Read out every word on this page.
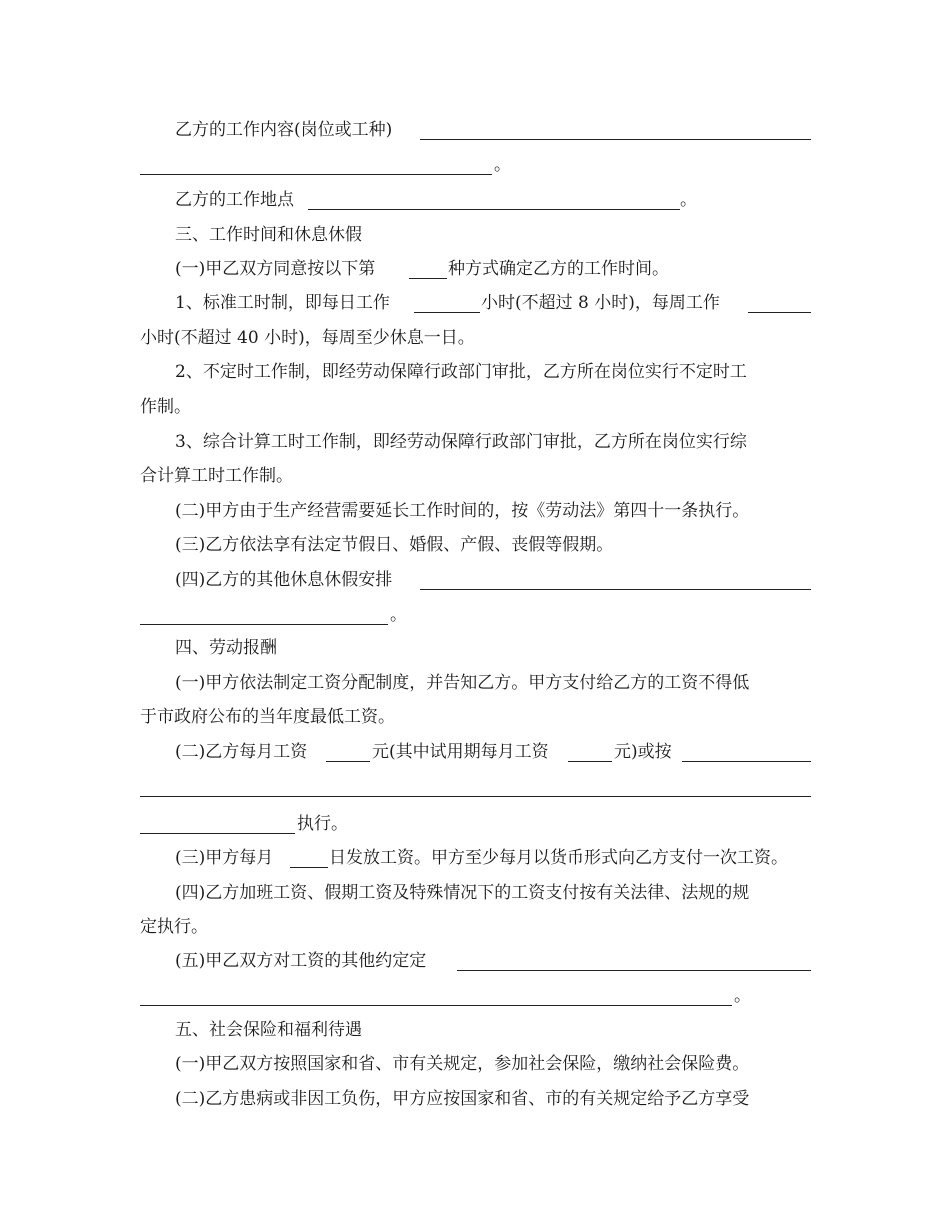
乙方的工作内容(岗位或工种)
。
乙方的工作地点	。
三、工作时间和休息休假
(一)甲乙双方同意按以下第	种方式确定乙方的工作时间。
1、标准工时制，即每日工作	小时(不超过 8 小时)，每周工作
小时(不超过 40 小时)，每周至少休息一日。
2、不定时工作制，即经劳动保障行政部门审批，乙方所在岗位实行不定时工
作制。
3、综合计算工时工作制，即经劳动保障行政部门审批，乙方所在岗位实行综
合计算工时工作制。
(二)甲方由于生产经营需要延长工作时间的，按《劳动法》第四十一条执行。
(三)乙方依法享有法定节假日、婚假、产假、丧假等假期。
(四)乙方的其他休息休假安排
。
四、劳动报酬
(一)甲方依法制定工资分配制度，并告知乙方。甲方支付给乙方的工资不得低
于市政府公布的当年度最低工资。
(二)乙方每月工资	元(其中试用期每月工资	元)或按
执行。
(三)甲方每月	日发放工资。甲方至少每月以货币形式向乙方支付一次工资。
(四)乙方加班工资、假期工资及特殊情况下的工资支付按有关法律、法规的规
定执行。
(五)甲乙双方对工资的其他约定定
。
五、社会保险和福利待遇
(一)甲乙双方按照国家和省、市有关规定，参加社会保险，缴纳社会保险费。
(二)乙方患病或非因工负伤，甲方应按国家和省、市的有关规定给予乙方享受
